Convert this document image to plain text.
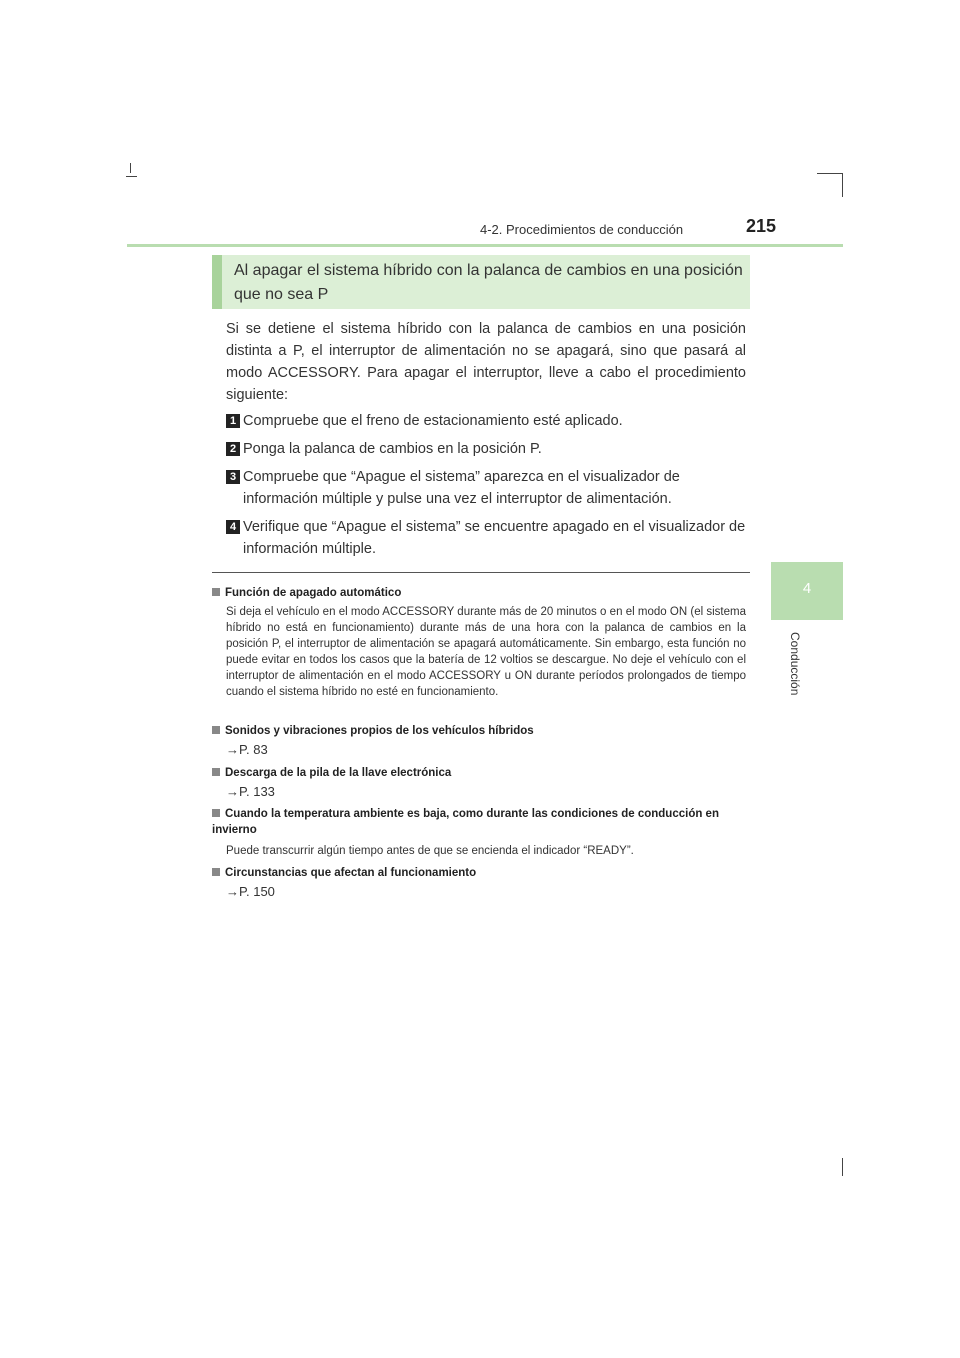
4-2. Procedimientos de conducción	215
4
Conducción
Al apagar el sistema híbrido con la palanca de cambios en una posición que no sea P
Si se detiene el sistema híbrido con la palanca de cambios en una posición distinta a P, el interruptor de alimentación no se apagará, sino que pasará al modo ACCESSORY. Para apagar el interruptor, lleve a cabo el procedimiento siguiente:
1 Compruebe que el freno de estacionamiento esté aplicado.
2 Ponga la palanca de cambios en la posición P.
3 Compruebe que “Apague el sistema” aparezca en el visualizador de información múltiple y pulse una vez el interruptor de alimentación.
4 Verifique que “Apague el sistema” se encuentre apagado en el visualizador de información múltiple.
Función de apagado automático
Si deja el vehículo en el modo ACCESSORY durante más de 20 minutos o en el modo ON (el sistema híbrido no está en funcionamiento) durante más de una hora con la palanca de cambios en la posición P, el interruptor de alimentación se apagará automáticamente. Sin embargo, esta función no puede evitar en todos los casos que la batería de 12 voltios se descargue. No deje el vehículo con el interruptor de alimentación en el modo ACCESSORY u ON durante períodos prolongados de tiempo cuando el sistema híbrido no esté en funcionamiento.
Sonidos y vibraciones propios de los vehículos híbridos
→P. 83
Descarga de la pila de la llave electrónica
→P. 133
Cuando la temperatura ambiente es baja, como durante las condiciones de conducción en invierno
Puede transcurrir algún tiempo antes de que se encienda el indicador “READY”.
Circunstancias que afectan al funcionamiento
→P. 150
